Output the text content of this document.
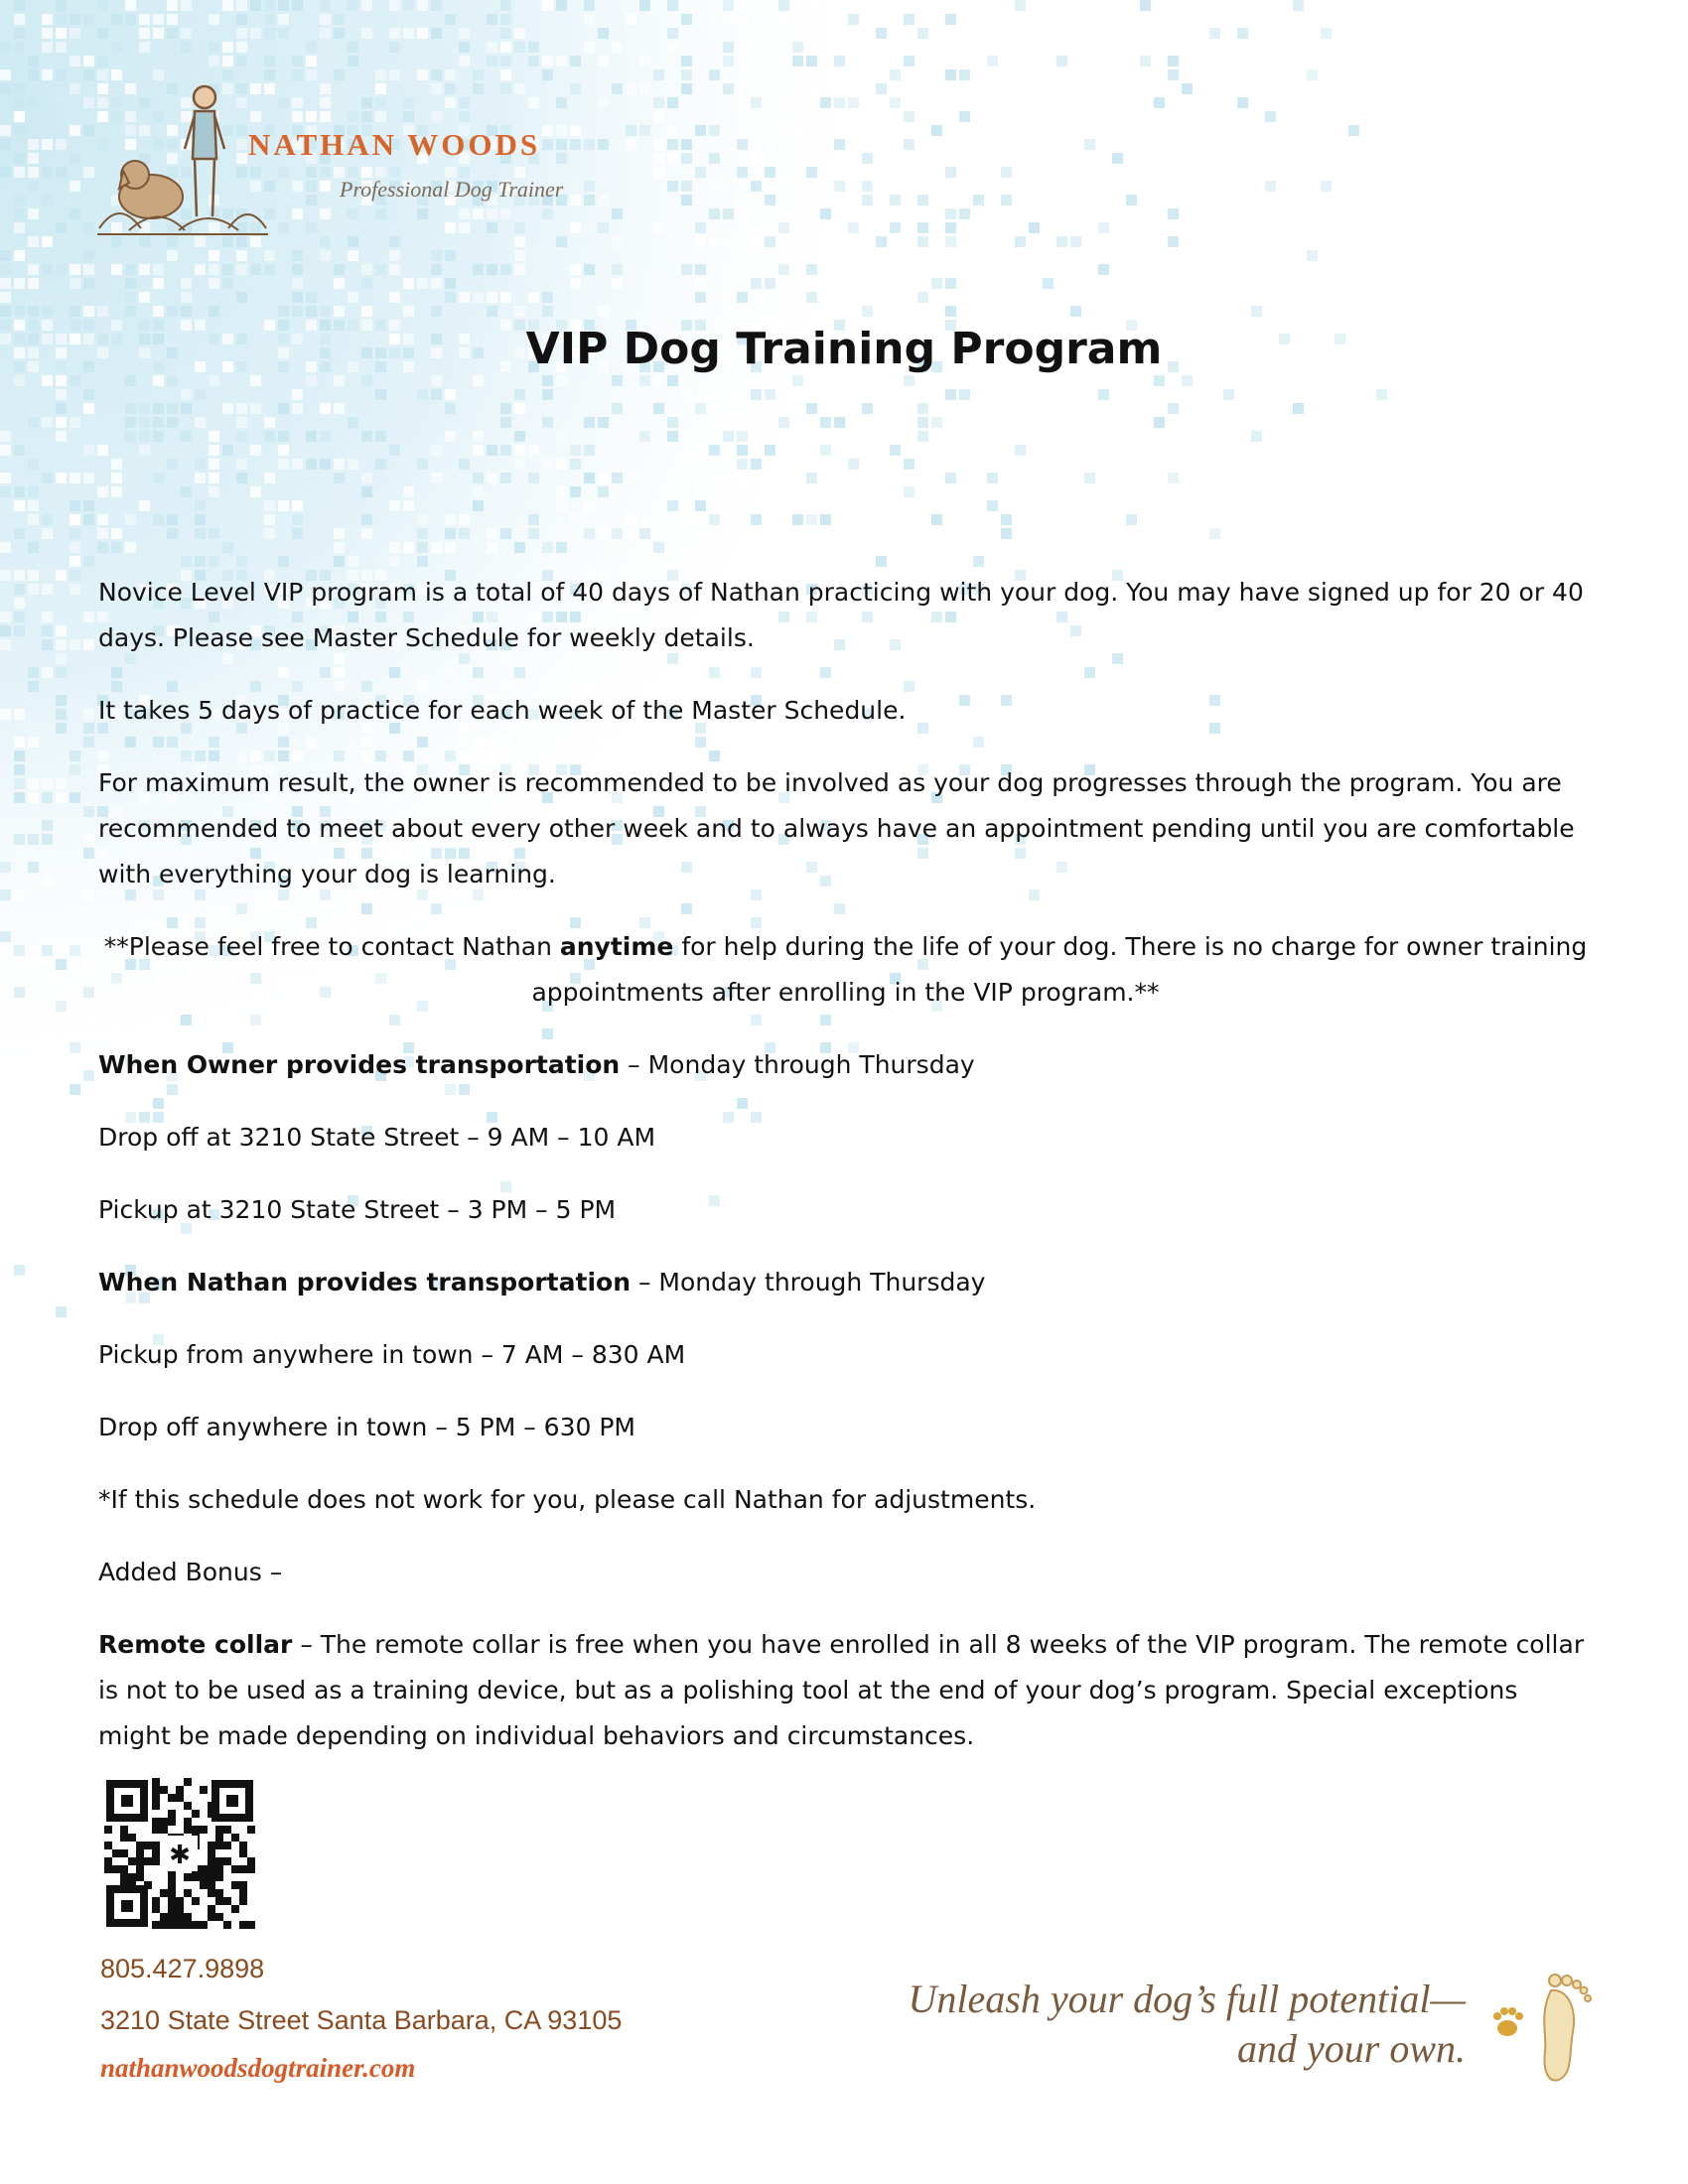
NATHAN WOODS
Professional Dog Trainer
VIP Dog Training Program

Novice Level VIP program is a total of 40 days of Nathan practicing with your dog. You may have signed up for 20 or 40 days. Please see Master Schedule for weekly details.

It takes 5 days of practice for each week of the Master Schedule.

For maximum result, the owner is recommended to be involved as your dog progresses through the program. You are recommended to meet about every other week and to always have an appointment pending until you are comfortable with everything your dog is learning.

**Please feel free to contact Nathan anytime for help during the life of your dog. There is no charge for owner training appointments after enrolling in the VIP program.**

When Owner provides transportation – Monday through Thursday

Drop off at 3210 State Street – 9 AM – 10 AM

Pickup at 3210 State Street – 3 PM – 5 PM

When Nathan provides transportation – Monday through Thursday

Pickup from anywhere in town – 7 AM – 830 AM

Drop off anywhere in town – 5 PM – 630 PM

*If this schedule does not work for you, please call Nathan for adjustments.

Added Bonus –

Remote collar – The remote collar is free when you have enrolled in all 8 weeks of the VIP program. The remote collar is not to be used as a training device, but as a polishing tool at the end of your dog’s program. Special exceptions might be made depending on individual behaviors and circumstances.

✱
805.427.9898
3210 State Street Santa Barbara, CA 93105
nathanwoodsdogtrainer.com
Unleash your dog’s full potential—
and your own.
